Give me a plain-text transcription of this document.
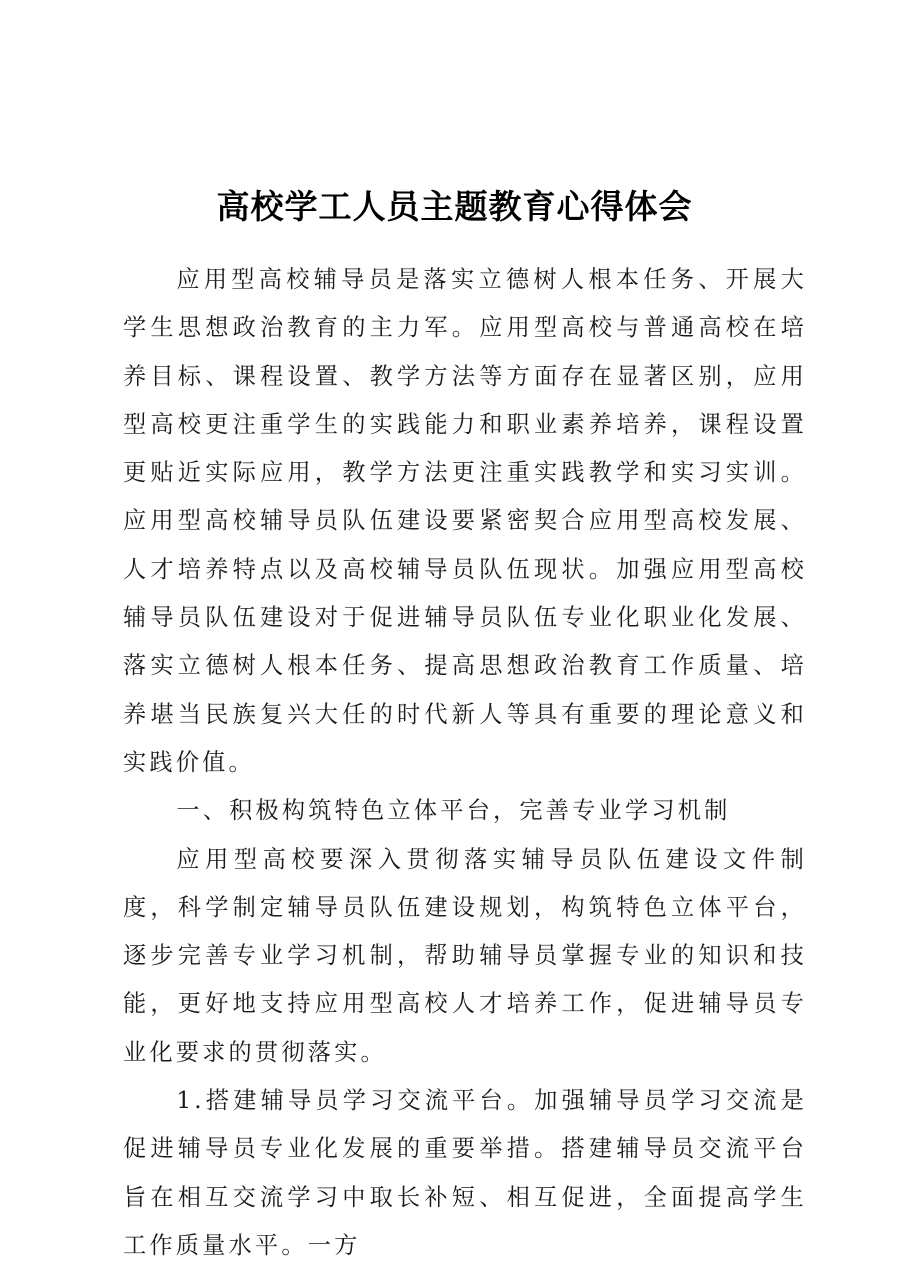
高校学工人员主题教育心得体会

应用型高校辅导员是落实立德树人根本任务、开展大学生思想政治教育的主力军。应用型高校与普通高校在培养目标、课程设置、教学方法等方面存在显著区别，应用型高校更注重学生的实践能力和职业素养培养，课程设置更贴近实际应用，教学方法更注重实践教学和实习实训。应用型高校辅导员队伍建设要紧密契合应用型高校发展、人才培养特点以及高校辅导员队伍现状。加强应用型高校辅导员队伍建设对于促进辅导员队伍专业化职业化发展、落实立德树人根本任务、提高思想政治教育工作质量、培养堪当民族复兴大任的时代新人等具有重要的理论意义和实践价值。

一、积极构筑特色立体平台，完善专业学习机制

应用型高校要深入贯彻落实辅导员队伍建设文件制度，科学制定辅导员队伍建设规划，构筑特色立体平台，逐步完善专业学习机制，帮助辅导员掌握专业的知识和技能，更好地支持应用型高校人才培养工作，促进辅导员专业化要求的贯彻落实。

1.搭建辅导员学习交流平台。加强辅导员学习交流是促进辅导员专业化发展的重要举措。搭建辅导员交流平台旨在相互交流学习中取长补短、相互促进，全面提高学生工作质量水平。一方
